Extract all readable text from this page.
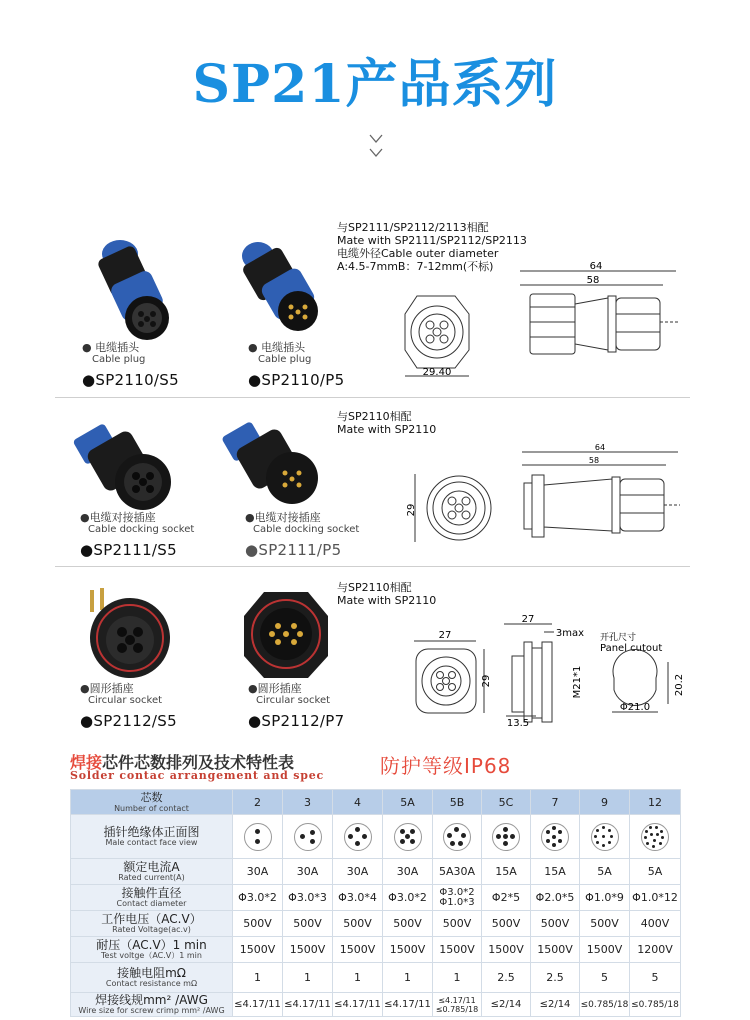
SP21产品系列
● 电缆插头
Cable plug
●SP2110/S5
● 电缆插头
Cable plug
●SP2110/P5
与SP2111/SP2112/2113相配
Mate with SP2111/SP2112/SP2113
电缆外径Cable outer diameter
A:4.5-7mmB：7-12mm(不标)
29.40
64
58
●电缆对接插座
Cable docking socket
●SP2111/S5
●电缆对接插座
Cable docking socket
●SP2111/P5
与SP2110相配
Mate with SP2110
29
64
58
●圆形插座
Circular socket
●SP2112/S5
●圆形插座
Circular socket
●SP2112/P7
与SP2110相配
Mate with SP2110
27
29
27
3max
13.5
M21*1
开孔尺寸
Panel cutout
20.2
Φ21.0
焊接芯件芯数排列及技术特性表
Solder contac arrangement and spec	防护等级IP68
芯数
Number of contact	2	3	4	5A	5B	5C	7	9	12

插针绝缘体正面图
Male contact face view									

额定电流A
Rated current(A)	30A	30A	30A	30A	5A30A	15A	15A	5A	5A

接触件直径
Contact diameter	Φ3.0*2	Φ3.0*3	Φ3.0*4	Φ3.0*2	Φ3.0*2 Φ1.0*3	Φ2*5	Φ2.0*5	Φ1.0*9	Φ1.0*12

工作电压（AC.V）
Rated Voltage(ac.v)	500V	500V	500V	500V	500V	500V	500V	500V	400V

耐压（AC.V）1 min
Test voltge（AC.V）1 min	1500V	1500V	1500V	1500V	1500V	1500V	1500V	1500V	1200V

接触电阻mΩ
Contact resistance mΩ	1	1	1	1	1	2.5	2.5	5	5

焊接线规mm² /AWG
Wire size for screw crimp mm² /AWG	≤4.17/11	≤4.17/11	≤4.17/11	≤4.17/11	≤4.17/11 ≤0.785/18	≤2/14	≤2/14	≤0.785/18	≤0.785/18
